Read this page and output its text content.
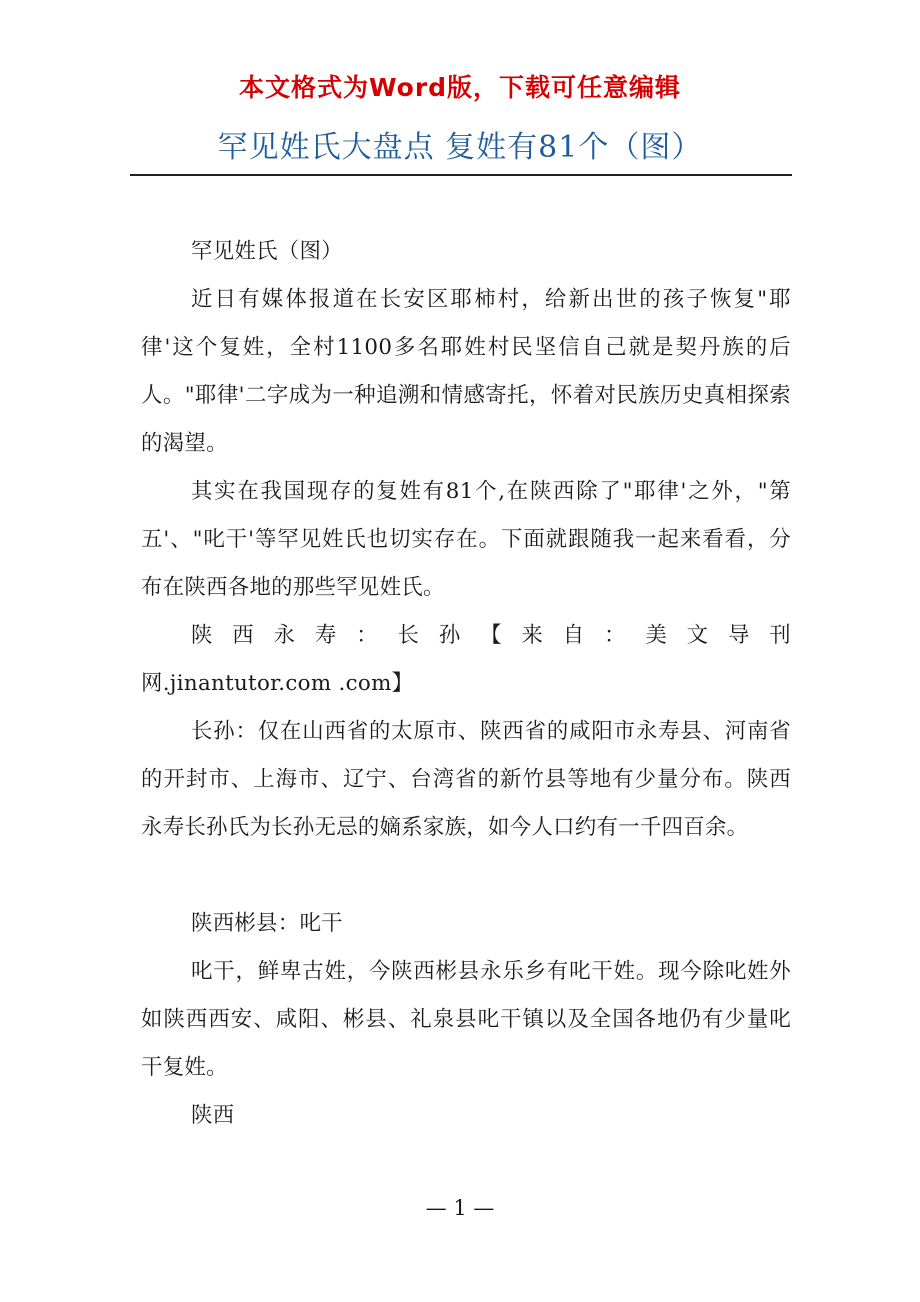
本文格式为Word版，下载可任意编辑
罕见姓氏大盘点 复姓有81个（图）

罕见姓氏（图）

近日有媒体报道在长安区耶柿村，给新出世的孩子恢复"耶律'这个复姓，全村1100多名耶姓村民坚信自己就是契丹族的后人。"耶律'二字成为一种追溯和情感寄托，怀着对民族历史真相探索的渴望。

其实在我国现存的复姓有81个,在陕西除了"耶律'之外，"第五'、"叱干'等罕见姓氏也切实存在。下面就跟随我一起来看看，分布在陕西各地的那些罕见姓氏。

陕西永寿：长孙【来自：美文导刊

网.jinantutor.com .com】

长孙：仅在山西省的太原市、陕西省的咸阳市永寿县、河南省的开封市、上海市、辽宁、台湾省的新竹县等地有少量分布。陕西永寿长孙氏为长孙无忌的嫡系家族，如今人口约有一千四百余。

陕西彬县：叱干

叱干，鲜卑古姓，今陕西彬县永乐乡有叱干姓。现今除叱姓外如陕西西安、咸阳、彬县、礼泉县叱干镇以及全国各地仍有少量叱干复姓。

陕西

— 1 —
